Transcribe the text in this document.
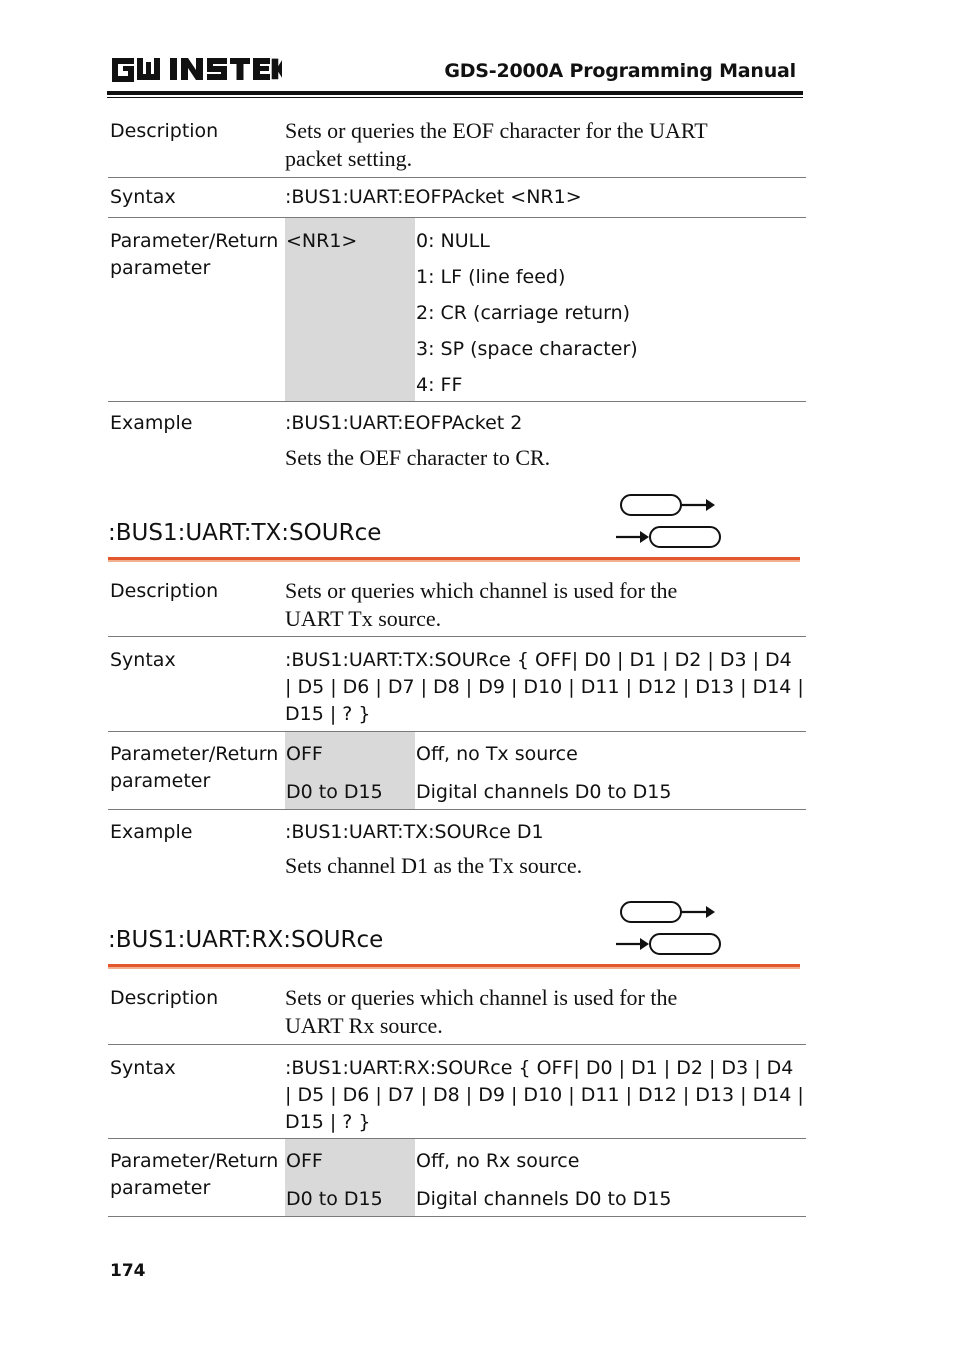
GDS-2000A Programming Manual
Description	Sets or queries the EOF character for the UART
packet setting.
Syntax	:BUS1:UART:EOFPAcket <NR1>
Parameter/Return
parameter
<NR1>	0: NULL
1: LF (line feed)
2: CR (carriage return)
3: SP (space character)
4: FF
Example	:BUS1:UART:EOFPAcket 2
Sets the OEF character to CR.
:BUS1:UART:TX:SOURce
Description	Sets or queries which channel is used for the
UART Tx source.
Syntax	:BUS1:UART:TX:SOURce { OFF| D0 | D1 | D2 | D3 | D4
| D5 | D6 | D7 | D8 | D9 | D10 | D11 | D12 | D13 | D14 |
D15 | ? }
Parameter/Return
parameter
OFF	Off, no Tx source
D0 to D15	Digital channels D0 to D15
Example	:BUS1:UART:TX:SOURce D1
Sets channel D1 as the Tx source.
:BUS1:UART:RX:SOURce
Description	Sets or queries which channel is used for the
UART Rx source.
Syntax	:BUS1:UART:RX:SOURce { OFF| D0 | D1 | D2 | D3 | D4
| D5 | D6 | D7 | D8 | D9 | D10 | D11 | D12 | D13 | D14 |
D15 | ? }
Parameter/Return
parameter
OFF	Off, no Rx source
D0 to D15	Digital channels D0 to D15
174
